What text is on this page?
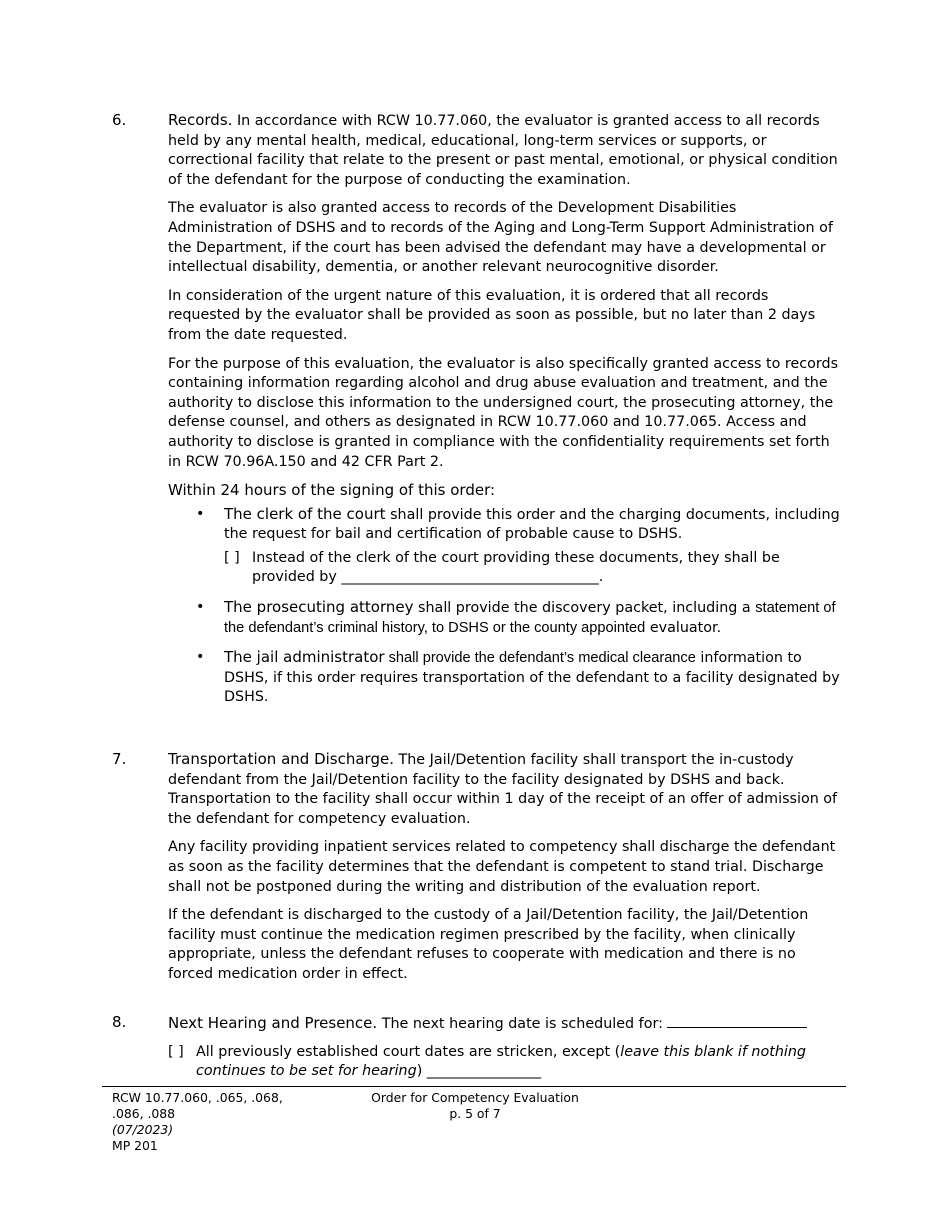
6.	Records. In accordance with RCW 10.77.060, the evaluator is granted access to all records held by any mental health, medical, educational, long-term services or supports, or correctional facility that relate to the present or past mental, emotional, or physical condition of the defendant for the purpose of conducting the examination.

The evaluator is also granted access to records of the Development Disabilities Administration of DSHS and to records of the Aging and Long-Term Support Administration of the Department, if the court has been advised the defendant may have a developmental or intellectual disability, dementia, or another relevant neurocognitive disorder.

In consideration of the urgent nature of this evaluation, it is ordered that all records requested by the evaluator shall be provided as soon as possible, but no later than 2 days from the date requested.

For the purpose of this evaluation, the evaluator is also specifically granted access to records containing information regarding alcohol and drug abuse evaluation and treatment, and the authority to disclose this information to the undersigned court, the prosecuting attorney, the defense counsel, and others as designated in RCW 10.77.060 and 10.77.065. Access and authority to disclose is granted in compliance with the confidentiality requirements set forth in RCW 70.96A.150 and 42 CFR Part 2.

Within 24 hours of the signing of this order:

• The clerk of the court shall provide this order and the charging documents, including the request for bail and certification of probable cause to DSHS.
[ ] Instead of the clerk of the court providing these documents, they shall be provided by ____________________________________.
• The prosecuting attorney shall provide the discovery packet, including a statement of the defendant’s criminal history, to DSHS or the county appointed evaluator.
• The jail administrator shall provide the defendant’s medical clearance information to DSHS, if this order requires transportation of the defendant to a facility designated by DSHS.
7.	Transportation and Discharge. The Jail/Detention facility shall transport the in-custody defendant from the Jail/Detention facility to the facility designated by DSHS and back. Transportation to the facility shall occur within 1 day of the receipt of an offer of admission of the defendant for competency evaluation.

Any facility providing inpatient services related to competency shall discharge the defendant as soon as the facility determines that the defendant is competent to stand trial. Discharge shall not be postponed during the writing and distribution of the evaluation report.

If the defendant is discharged to the custody of a Jail/Detention facility, the Jail/Detention facility must continue the medication regimen prescribed by the facility, when clinically appropriate, unless the defendant refuses to cooperate with medication and there is no forced medication order in effect.

8.	Next Hearing and Presence. The next hearing date is scheduled for:

[ ] All previously established court dates are stricken, except (leave this blank if nothing continues to be set for hearing) ________________
RCW 10.77.060, .065, .068,
.086, .088
(07/2023)
MP 201
Order for Competency Evaluation
p. 5 of 7
